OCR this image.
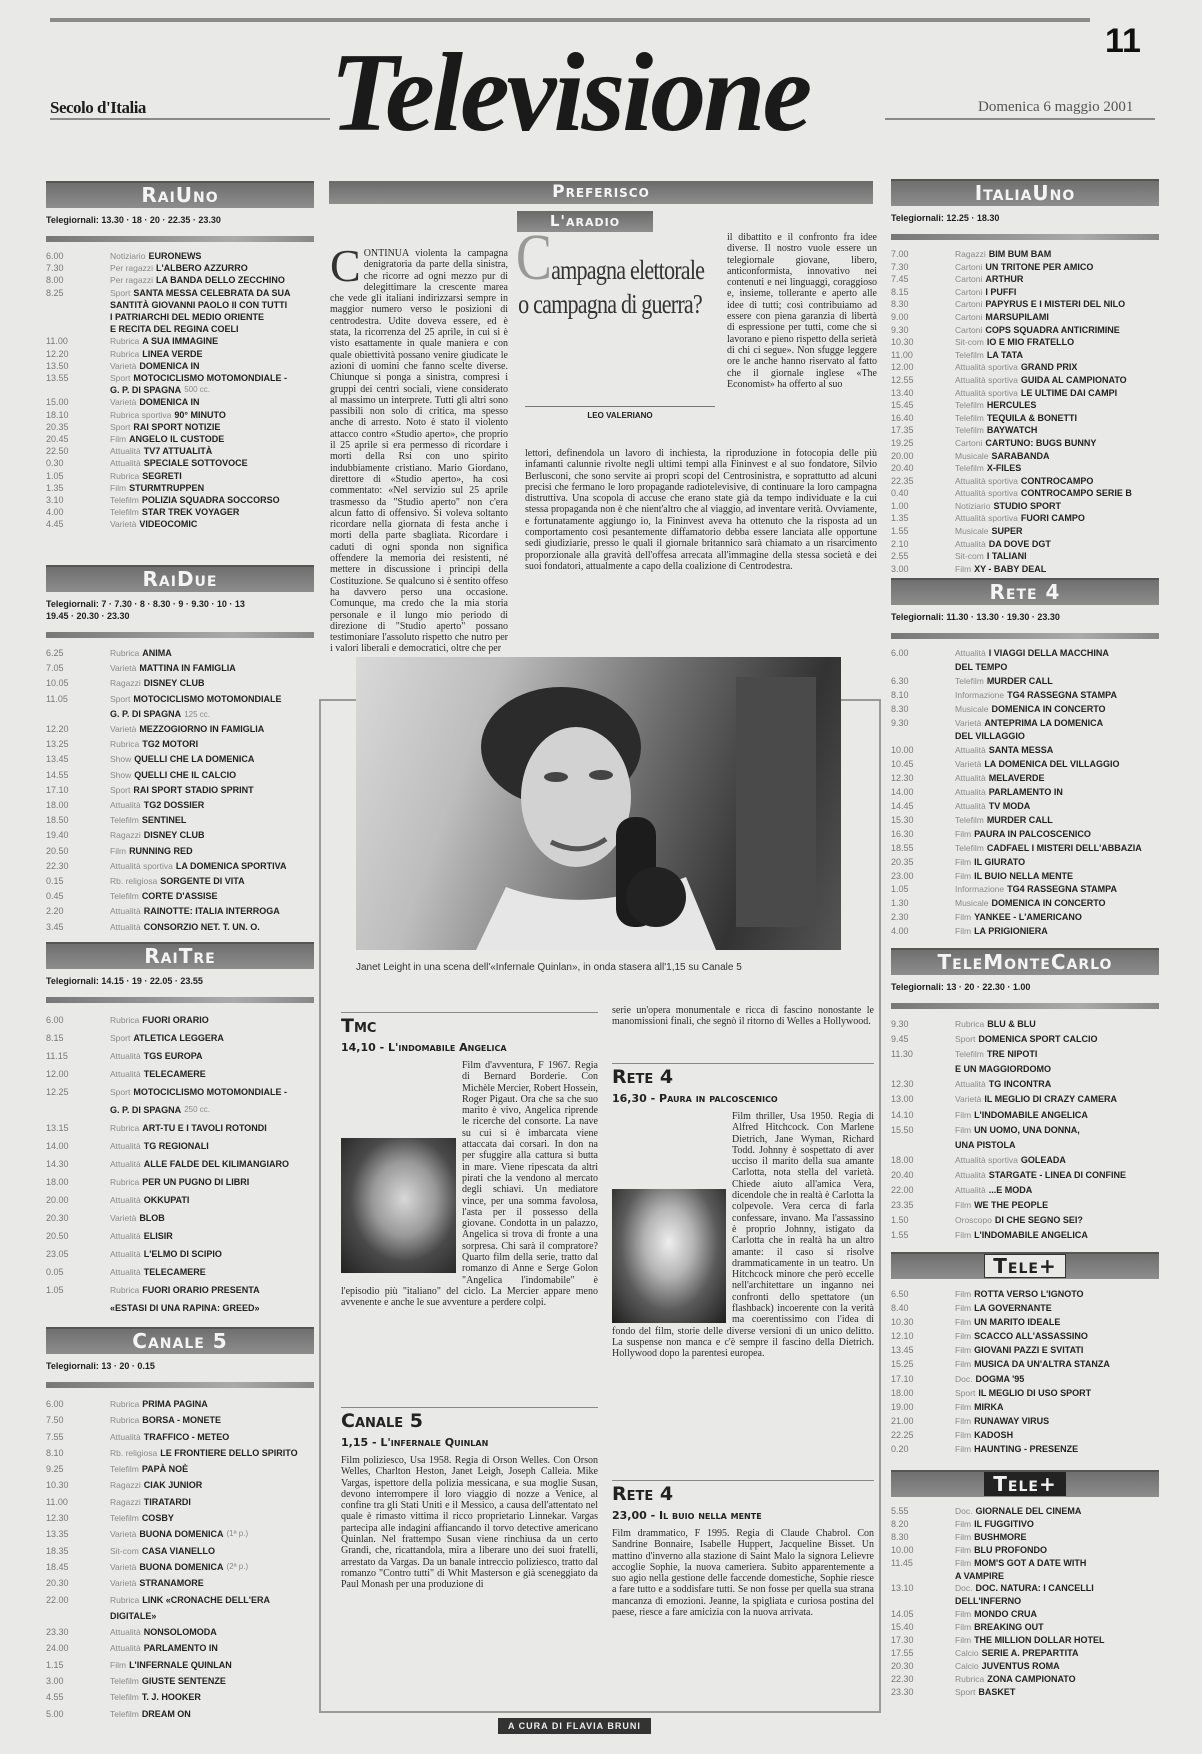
11
Secolo d'Italia Televisione	Domenica 6 maggio 2001
RaiUno
Telegiornali: 13.30 · 18 · 20 · 22.35 · 23.30
6.00	Notiziario EURONEWS
7.30	Per ragazzi L'ALBERO AZZURRO
8.00	Per ragazzi LA BANDA DELLO ZECCHINO
8.25	Sport SANTA MESSA CELEBRATA DA SUA
SANTITÀ GIOVANNI PAOLO II CON TUTTI
I PATRIARCHI DEL MEDIO ORIENTE
E RECITA DEL REGINA COELI
11.00	Rubrica A SUA IMMAGINE
12.20	Rubrica LINEA VERDE
13.50	Varietà DOMENICA IN
13.55	Sport MOTOCICLISMO MOTOMONDIALE -
G. P. DI SPAGNA 500 cc.
15.00	Varietà DOMENICA IN
18.10	Rubrica sportiva 90° MINUTO
20.35	Sport RAI SPORT NOTIZIE
20.45	Film ANGELO IL CUSTODE
22.50	Attualità TV7 ATTUALITÀ
0.30	Attualità SPECIALE SOTTOVOCE
1.05	Rubrica SEGRETI
1.35	Film STURMTRUPPEN
3.10	Telefilm POLIZIA SQUADRA SOCCORSO
4.00	Telefilm STAR TREK VOYAGER
4.45	Varietà VIDEOCOMIC
RaiDue
Telegiornali: 7 · 7.30 · 8 · 8.30 · 9 · 9.30 · 10 · 13
19.45 · 20.30 · 23.30
6.25	Rubrica ANIMA
7.05	Varietà MATTINA IN FAMIGLIA
10.05	Ragazzi DISNEY CLUB
11.05	Sport MOTOCICLISMO MOTOMONDIALE
G. P. DI SPAGNA 125 cc.
12.20	Varietà MEZZOGIORNO IN FAMIGLIA
13.25	Rubrica TG2 MOTORI
13.45	Show QUELLI CHE LA DOMENICA
14.55	Show QUELLI CHE IL CALCIO
17.10	Sport RAI SPORT STADIO SPRINT
18.00	Attualità TG2 DOSSIER
18.50	Telefilm SENTINEL
19.40	Ragazzi DISNEY CLUB
20.50	Film RUNNING RED
22.30	Attualità sportiva LA DOMENICA SPORTIVA
0.15	Rb. religiosa SORGENTE DI VITA
0.45	Telefilm CORTE D'ASSISE
2.20	Attualità RAINOTTE: ITALIA INTERROGA
3.45	Attualità CONSORZIO NET. T. UN. O.
RaiTre
Telegiornali: 14.15 · 19 · 22.05 · 23.55
6.00	Rubrica FUORI ORARIO
8.15	Sport ATLETICA LEGGERA
11.15	Attualità TGS EUROPA
12.00	Attualità TELECAMERE
12.25	Sport MOTOCICLISMO MOTOMONDIALE -
G. P. DI SPAGNA 250 cc.
13.15	Rubrica ART-TU E I TAVOLI ROTONDI
14.00	Attualità TG REGIONALI
14.30	Attualità ALLE FALDE DEL KILIMANGIARO
18.00	Rubrica PER UN PUGNO DI LIBRI
20.00	Attualità OKKUPATI
20.30	Varietà BLOB
20.50	Attualità ELISIR
23.05	Attualità L'ELMO DI SCIPIO
0.05	Attualità TELECAMERE
1.05	Rubrica FUORI ORARIO PRESENTA
«ESTASI DI UNA RAPINA: GREED»
Canale 5
Telegiornali: 13 · 20 · 0.15
6.00	Rubrica PRIMA PAGINA
7.50	Rubrica BORSA - MONETE
7.55	Attualità TRAFFICO - METEO
8.10	Rb. religiosa LE FRONTIERE DELLO SPIRITO
9.25	Telefilm PAPÀ NOÈ
10.30	Ragazzi CIAK JUNIOR
11.00	Ragazzi TIRATARDI
12.30	Telefilm COSBY
13.35	Varietà BUONA DOMENICA (1ª p.)
18.35	Sit-com CASA VIANELLO
18.45	Varietà BUONA DOMENICA (2ª p.)
20.30	Varietà STRANAMORE
22.00	Rubrica LINK «CRONACHE DELL'ERA
DIGITALE»
23.30	Attualità NONSOLOMODA
24.00	Attualità PARLAMENTO IN
1.15	Film L'INFERNALE QUINLAN
3.00	Telefilm GIUSTE SENTENZE
4.55	Telefilm T. J. HOOKER
5.00	Telefilm DREAM ON
ItaliaUno
Telegiornali: 12.25 · 18.30
7.00	Ragazzi BIM BUM BAM
7.30	Cartoni UN TRITONE PER AMICO
7.45	Cartoni ARTHUR
8.15	Cartoni I PUFFI
8.30	Cartoni PAPYRUS E I MISTERI DEL NILO
9.00	Cartoni MARSUPILAMI
9.30	Cartoni COPS SQUADRA ANTICRIMINE
10.30	Sit-com IO E MIO FRATELLO
11.00	Telefilm LA TATA
12.00	Attualità sportiva GRAND PRIX
12.55	Attualità sportiva GUIDA AL CAMPIONATO
13.40	Attualità sportiva LE ULTIME DAI CAMPI
15.45	Telefilm HERCULES
16.40	Telefilm TEQUILA & BONETTI
17.35	Telefilm BAYWATCH
19.25	Cartoni CARTUNO: BUGS BUNNY
20.00	Musicale SARABANDA
20.40	Telefilm X-FILES
22.35	Attualità sportiva CONTROCAMPO
0.40	Attualità sportiva CONTROCAMPO SERIE B
1.00	Notiziario STUDIO SPORT
1.35	Attualità sportiva FUORI CAMPO
1.55	Musicale SUPER
2.10	Attualità DA DOVE DGT
2.55	Sit-com I TALIANI
3.00	Film XY - BABY DEAL
Rete 4
Telegiornali: 11.30 · 13.30 · 19.30 · 23.30
6.00	Attualità I VIAGGI DELLA MACCHINA
DEL TEMPO
6.30	Telefilm MURDER CALL
8.10	Informazione TG4 RASSEGNA STAMPA
8.30	Musicale DOMENICA IN CONCERTO
9.30	Varietà ANTEPRIMA LA DOMENICA
DEL VILLAGGIO
10.00	Attualità SANTA MESSA
10.45	Varietà LA DOMENICA DEL VILLAGGIO
12.30	Attualità MELAVERDE
14.00	Attualità PARLAMENTO IN
14.45	Attualità TV MODA
15.30	Telefilm MURDER CALL
16.30	Film PAURA IN PALCOSCENICO
18.55	Telefilm CADFAEL I MISTERI DELL'ABBAZIA
20.35	Film IL GIURATO
23.00	Film IL BUIO NELLA MENTE
1.05	Informazione TG4 RASSEGNA STAMPA
1.30	Musicale DOMENICA IN CONCERTO
2.30	Film YANKEE - L'AMERICANO
4.00	Film LA PRIGIONIERA
TeleMonteCarlo
Telegiornali: 13 · 20 · 22.30 · 1.00
9.30	Rubrica BLU & BLU
9.45	Sport DOMENICA SPORT CALCIO
11.30	Telefilm TRE NIPOTI
E UN MAGGIORDOMO
12.30	Attualità TG INCONTRA
13.00	Varietà IL MEGLIO DI CRAZY CAMERA
14.10	Film L'INDOMABILE ANGELICA
15.50	Film UN UOMO, UNA DONNA,
UNA PISTOLA
18.00	Attualità sportiva GOLEADA
20.40	Attualità STARGATE - LINEA DI CONFINE
22.00	Attualità ...E MODA
23.35	Film WE THE PEOPLE
1.50	Oroscopo DI CHE SEGNO SEI?
1.55	Film L'INDOMABILE ANGELICA
Tele+
6.50	Film ROTTA VERSO L'IGNOTO
8.40	Film LA GOVERNANTE
10.30	Film UN MARITO IDEALE
12.10	Film SCACCO ALL'ASSASSINO
13.45	Film GIOVANI PAZZI E SVITATI
15.25	Film MUSICA DA UN'ALTRA STANZA
17.10	Doc. DOGMA '95
18.00	Sport IL MEGLIO DI USO SPORT
19.00	Film MIRKA
21.00	Film RUNAWAY VIRUS
22.25	Film KADOSH
0.20	Film HAUNTING - PRESENZE
Tele+
5.55	Doc. GIORNALE DEL CINEMA
8.20	Film IL FUGGITIVO
8.30	Film BUSHMORE
10.00	Film BLU PROFONDO
11.45	Film MOM'S GOT A DATE WITH
A VAMPIRE
13.10	Doc. DOC. NATURA: I CANCELLI
DELL'INFERNO
14.05	Film MONDO CRUA
15.40	Film BREAKING OUT
17.30	Film THE MILLION DOLLAR HOTEL
17.55	Calcio SERIE A. PREPARTITA
20.30	Calcio JUVENTUS ROMA
22.30	Rubrica ZONA CAMPIONATO
23.30	Sport BASKET
Preferisco
L'aradio
CONTINUA violenta la campagna denigratoria da parte della sinistra, che ricorre ad ogni mezzo pur di delegittimare la crescente marea che vede gli italiani indirizzarsi sempre in maggior numero verso le posizioni di centrodestra. Udite doveva essere, ed è stata, la ricorrenza del 25 aprile, in cui si è visto esattamente in quale maniera e con quale obiettività possano venire giudicate le azioni di uomini che fanno scelte diverse. Chiunque si ponga a sinistra, compresi i gruppi dei centri sociali, viene considerato al massimo un interprete. Tutti gli altri sono passibili non solo di critica, ma spesso anche di arresto. Noto è stato il violento attacco contro «Studio aperto», che proprio il 25 aprile si era permesso di ricordare i morti della Rsi con uno spirito indubbiamente cristiano. Mario Giordano, direttore di «Studio aperto», ha così commentato: «Nel servizio sul 25 aprile trasmesso da "Studio aperto" non c'era alcun fatto di offensivo. Si voleva soltanto ricordare nella giornata di festa anche i morti della parte sbagliata. Ricordare i caduti di ogni sponda non significa offendere la memoria dei resistenti, né mettere in discussione i principi della Costituzione. Se qualcuno si è sentito offeso ha davvero perso una occasione. Comunque, ma credo che la mia storia personale e il lungo mio periodo di direzione di "Studio aperto" possano testimoniare l'assoluto rispetto che nutro per i valori liberali e democratici, oltre che per
Campagna elettorale o campagna di guerra?
LEO VALERIANO
il dibattito e il confronto fra idee diverse. Il nostro vuole essere un telegiornale giovane, libero, anticonformista, innovativo nei contenuti e nei linguaggi, coraggioso e, insieme, tollerante e aperto alle idee di tutti; così contribuiamo ad essere con piena garanzia di libertà di espressione per tutti, come che si lavorano e pieno rispetto della serietà di chi ci segue». Non sfugge leggere ore le anche hanno riservato al fatto che il giornale inglese «The Economist» ha offerto al suo
lettori, definendola un lavoro di inchiesta, la riproduzione in fotocopia delle più infamanti calunnie rivolte negli ultimi tempi alla Fininvest e al suo fondatore, Silvio Berlusconi, che sono servite ai propri scopi del Centrosinistra, e soprattutto ad alcuni precisi che fermano le loro propagande radiotelevisive, di continuare la loro campagna distruttiva. Una scopola di accuse che erano state già da tempo individuate e la cui stessa propaganda non è che nient'altro che al viaggio, ad inventare verità. Ovviamente, e fortunatamente aggiungo io, la Fininvest aveva ha ottenuto che la risposta ad un comportamento così pesantemente diffamatorio debba essere lanciata alle opportune sedi giudiziarie, presso le quali il giornale britannico sarà chiamato a un risarcimento proporzionale alla gravità dell'offesa arrecata all'immagine della stessa società e dei suoi fondatori, attualmente a capo della coalizione di Centrodestra.
Janet Leight in una scena dell'«Infernale Quinlan», in onda stasera all'1,15 su Canale 5
Tmc
14,10 - L'indomabile Angelica
Film d'avventura, F 1967. Regia di Bernard Borderie. Con Michèle Mercier, Robert Hossein, Roger Pigaut. Ora che sa che suo marito è vivo, Angelica riprende le ricerche del consorte. La nave su cui si è imbarcata viene attaccata dai corsari. In don na per sfuggire alla cattura si butta in mare. Viene ripescata da altri pirati che la vendono al mercato degli schiavi. Un mediatore vince, per una somma favolosa, l'asta per il possesso della giovane. Condotta in un palazzo, Angelica si trova di fronte a una sorpresa. Chi sarà il compratore? Quarto film della serie, tratto dal romanzo di Anne e Serge Golon "Angelica l'indomabile" è l'episodio più "italiano" del ciclo. La Mercier appare meno avvenente e anche le sue avventure a perdere colpi.
Canale 5
1,15 - L'infernale Quinlan
Film poliziesco, Usa 1958. Regia di Orson Welles. Con Orson Welles, Charlton Heston, Janet Leigh, Joseph Calleia. Mike Vargas, ispettore della polizia messicana, e sua moglie Susan, devono interrompere il loro viaggio di nozze a Venice, al confine tra gli Stati Uniti e il Messico, a causa dell'attentato nel quale è rimasto vittima il ricco proprietario Linnekar. Vargas partecipa alle indagini affiancando il torvo detective americano Quinlan. Nel frattempo Susan viene rinchiusa da un certo Grandi, che, ricattandola, mira a liberare uno dei suoi fratelli, arrestato da Vargas. Da un banale intreccio poliziesco, tratto dal romanzo "Contro tutti" di Whit Masterson e già sceneggiato da Paul Monash per una produzione di
serie un'opera monumentale e ricca di fascino nonostante le manomissioni finali, che segnò il ritorno di Welles a Hollywood.
Rete 4
16,30 - Paura in palcoscenico
Film thriller, Usa 1950. Regia di Alfred Hitchcock. Con Marlene Dietrich, Jane Wyman, Richard Todd. Johnny è sospettato di aver ucciso il marito della sua amante Carlotta, nota stella del varietà. Chiede aiuto all'amica Vera, dicendole che in realtà è Carlotta la colpevole. Vera cerca di farla confessare, invano. Ma l'assassino è proprio Johnny, istigato da Carlotta che in realtà ha un altro amante: il caso si risolve drammaticamente in un teatro. Un Hitchcock minore che però eccelle nell'architettare un inganno nei confronti dello spettatore (un flashback) incoerente con la verità ma coerentissimo con l'idea di fondo del film, storie delle diverse versioni di un unico delitto. La suspense non manca e c'è sempre il fascino della Dietrich. Hollywood dopo la parentesi europea.
Rete 4
23,00 - Il buio nella mente
Film drammatico, F 1995. Regia di Claude Chabrol. Con Sandrine Bonnaire, Isabelle Huppert, Jacqueline Bisset. Un mattino d'inverno alla stazione di Saint Malo la signora Lelievre accoglie Sophie, la nuova cameriera. Subito apparentemente a suo agio nella gestione delle faccende domestiche, Sophie riesce a fare tutto e a soddisfare tutti. Se non fosse per quella sua strana mancanza di emozioni. Jeanne, la spigliata e curiosa postina del paese, riesce a fare amicizia con la nuova arrivata.
A CURA DI FLAVIA BRUNI
